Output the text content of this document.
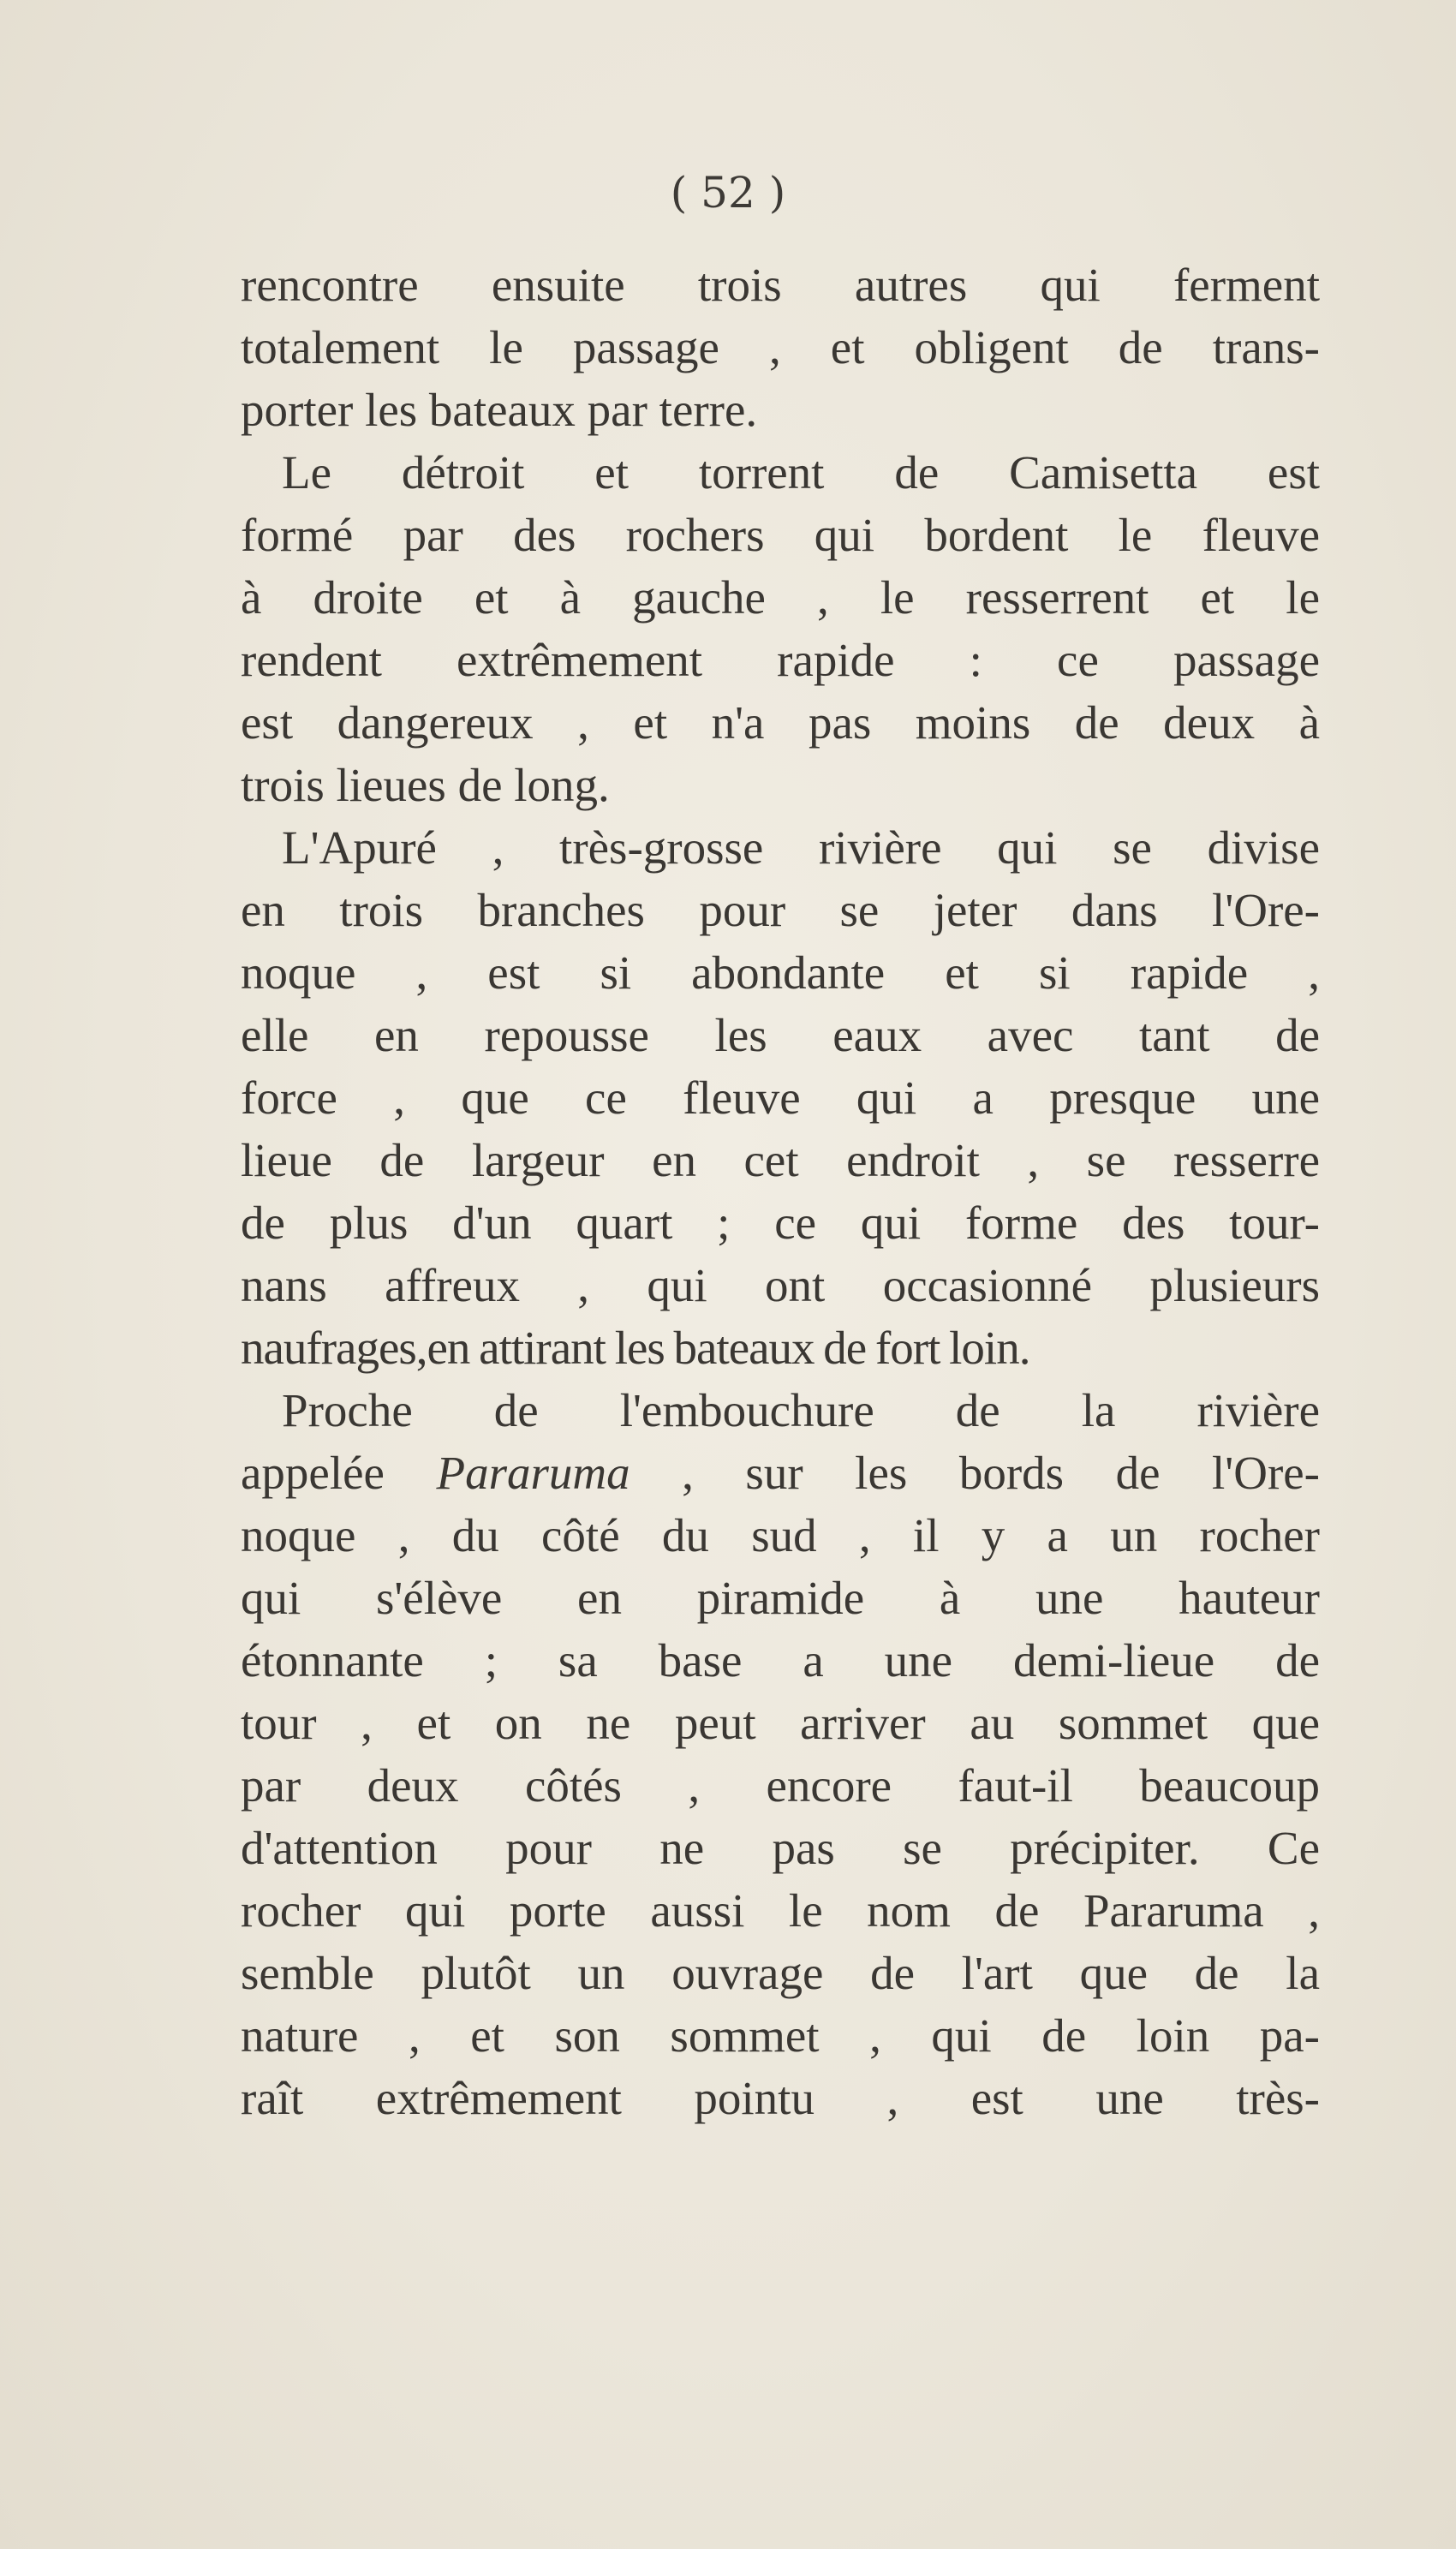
( 52 )
rencontre ensuite trois autres qui ferment
totalement le passage , et obligent de trans-
porter les bateaux par terre.
Le détroit et torrent de Camisetta est
formé par des rochers qui bordent le fleuve
à droite et à gauche , le resserrent et le
rendent extrêmement rapide : ce passage
est dangereux , et n'a pas moins de deux à
trois lieues de long.
L'Apuré , très-grosse rivière qui se divise
en trois branches pour se jeter dans l'Ore-
noque , est si abondante et si rapide ,
elle en repousse les eaux avec tant de
force , que ce fleuve qui a presque une
lieue de largeur en cet endroit , se resserre
de plus d'un quart ; ce qui forme des tour-
nans affreux , qui ont occasionné plusieurs
naufrages,en attirant les bateaux de fort loin.
Proche de l'embouchure de la rivière
appelée Pararuma , sur les bords de l'Ore-
noque , du côté du sud , il y a un rocher
qui s'élève en piramide à une hauteur
étonnante ; sa base a une demi-lieue de
tour , et on ne peut arriver au sommet que
par deux côtés , encore faut-il beaucoup
d'attention pour ne pas se précipiter. Ce
rocher qui porte aussi le nom de Pararuma ,
semble plutôt un ouvrage de l'art que de la
nature , et son sommet , qui de loin pa-
raît extrêmement pointu , est une très-
